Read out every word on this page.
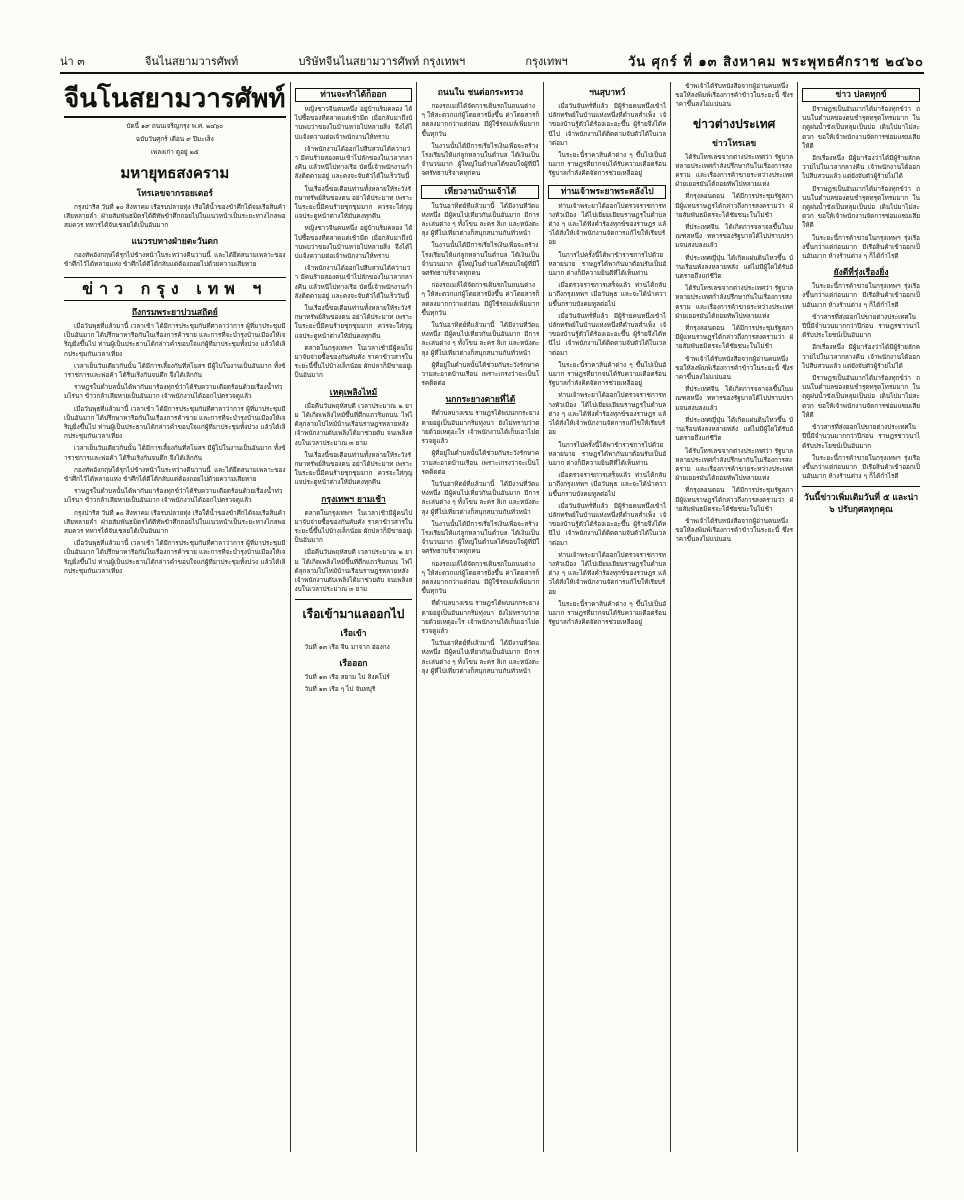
น่า ๓	จีนไนสยามวารศัพท์	บริษัทจีนไนสยามวารศัพท์ กรุงเทพฯ	กรุงเทพฯ	วัน ศุกร์ ที่ ๑๓ สิงหาคม พระพุทธศักราช ๒๔๖๐
จีนโนสยามวารศัพท์
บัดนี้ ๑๙ ถนนเจริญกรุง พ.ศ. ๒๔๖๐
ฉบับวันศุกร์ เดือน ๙ ปีมะเส็ง
เพลงเก่า ดูอยู่ ๒๕
มหายุทธสงคราม
โทรเลขจากรอยเตอร์

กรุงปารีส วันที่ ๑๐ สิงหาคม เรือรบปลายทุ่ง เรือใต้น้ำของข้าศึกได้จมเรือสินค้าเสียหลายลำ ฝ่ายสัมพันธมิตรได้ตีทัพข้าศึกถอยไปในแนวหน้าเป็นระยะทางไกลพอสมควร ทหารได้จับเชลยได้เป็นอันมาก

แนวรบทางฝ่ายตะวันตก

กองทัพอังกฤษได้รุกไปข้างหน้าในระหว่างคืนวานนี้ และได้ยึดสนามเพลาะของข้าศึกไว้ได้หลายแห่ง ข้าศึกได้ตีโต้กลับแต่ต้องถอยไปด้วยความเสียหาย

ข่าว กรุง เทพ ฯ
ถึงกรมพระยาปวนสถิตย์

เมื่อวันพุธที่แล้วมานี้ เวลาเช้า ได้มีการประชุมกันที่ศาลาว่าการ ผู้ที่มาประชุมมีเป็นอันมาก ได้ปรึกษาหารือกันในเรื่องการค้าขาย และการที่จะบำรุงบ้านเมืองให้เจริญยิ่งขึ้นไป ท่านผู้เป็นประธานได้กล่าวคำขอบใจแก่ผู้ที่มาประชุมทั้งปวง แล้วได้เลิกประชุมกันเวลาเที่ยง

เวลาเย็นวันเดียวกันนั้น ได้มีการเลี้ยงกันที่สโมสร มีผู้ไปในงานเป็นอันมาก ทั้งข้าราชการและพ่อค้า ได้รื่นเริงกันจนดึก จึงได้เลิกกัน

ราษฎรในตำบลนั้นได้พากันมาร้องทุกข์ว่าได้รับความเดือดร้อนด้วยเรื่องน้ำท่วมไร่นา ข้าวกล้าเสียหายเป็นอันมาก เจ้าพนักงานได้ออกไปตรวจดูแล้ว

เมื่อวันพุธที่แล้วมานี้ เวลาเช้า ได้มีการประชุมกันที่ศาลาว่าการ ผู้ที่มาประชุมมีเป็นอันมาก ได้ปรึกษาหารือกันในเรื่องการค้าขาย และการที่จะบำรุงบ้านเมืองให้เจริญยิ่งขึ้นไป ท่านผู้เป็นประธานได้กล่าวคำขอบใจแก่ผู้ที่มาประชุมทั้งปวง แล้วได้เลิกประชุมกันเวลาเที่ยง

เวลาเย็นวันเดียวกันนั้น ได้มีการเลี้ยงกันที่สโมสร มีผู้ไปในงานเป็นอันมาก ทั้งข้าราชการและพ่อค้า ได้รื่นเริงกันจนดึก จึงได้เลิกกัน

กองทัพอังกฤษได้รุกไปข้างหน้าในระหว่างคืนวานนี้ และได้ยึดสนามเพลาะของข้าศึกไว้ได้หลายแห่ง ข้าศึกได้ตีโต้กลับแต่ต้องถอยไปด้วยความเสียหาย

ราษฎรในตำบลนั้นได้พากันมาร้องทุกข์ว่าได้รับความเดือดร้อนด้วยเรื่องน้ำท่วมไร่นา ข้าวกล้าเสียหายเป็นอันมาก เจ้าพนักงานได้ออกไปตรวจดูแล้ว

กรุงปารีส วันที่ ๑๐ สิงหาคม เรือรบปลายทุ่ง เรือใต้น้ำของข้าศึกได้จมเรือสินค้าเสียหลายลำ ฝ่ายสัมพันธมิตรได้ตีทัพข้าศึกถอยไปในแนวหน้าเป็นระยะทางไกลพอสมควร ทหารได้จับเชลยได้เป็นอันมาก

เมื่อวันพุธที่แล้วมานี้ เวลาเช้า ได้มีการประชุมกันที่ศาลาว่าการ ผู้ที่มาประชุมมีเป็นอันมาก ได้ปรึกษาหารือกันในเรื่องการค้าขาย และการที่จะบำรุงบ้านเมืองให้เจริญยิ่งขึ้นไป ท่านผู้เป็นประธานได้กล่าวคำขอบใจแก่ผู้ที่มาประชุมทั้งปวง แล้วได้เลิกประชุมกันเวลาเที่ยง

ท่านจะทำได้ก็ออก

หญิงชาวจีนคนหนึ่ง อยู่บ้านริมคลอง ได้ไปซื้อของที่ตลาดแต่เช้ามืด เมื่อกลับมาถึงบ้านพบว่าของในบ้านหายไปหลายสิ่ง จึงได้ไปแจ้งความต่อเจ้าพนักงานให้ทราบ

เจ้าพนักงานได้ออกไปสืบสวนได้ความว่า มีคนร้ายสองคนเข้าไปลักของในเวลากลางคืน แล้วหนีไปทางเรือ บัดนี้เจ้าพนักงานกำลังติดตามอยู่ และคงจะจับตัวได้ในเร็ววันนี้

ในเรื่องนี้ขอเตือนท่านทั้งหลายให้ระวังรักษาทรัพย์สินของตน อย่าได้ประมาท เพราะในระยะนี้มีคนร้ายชุกชุมมาก ควรจะใส่กุญแจประตูหน้าต่างให้มั่นคงทุกคืน

หญิงชาวจีนคนหนึ่ง อยู่บ้านริมคลอง ได้ไปซื้อของที่ตลาดแต่เช้ามืด เมื่อกลับมาถึงบ้านพบว่าของในบ้านหายไปหลายสิ่ง จึงได้ไปแจ้งความต่อเจ้าพนักงานให้ทราบ

เจ้าพนักงานได้ออกไปสืบสวนได้ความว่า มีคนร้ายสองคนเข้าไปลักของในเวลากลางคืน แล้วหนีไปทางเรือ บัดนี้เจ้าพนักงานกำลังติดตามอยู่ และคงจะจับตัวได้ในเร็ววันนี้

ในเรื่องนี้ขอเตือนท่านทั้งหลายให้ระวังรักษาทรัพย์สินของตน อย่าได้ประมาท เพราะในระยะนี้มีคนร้ายชุกชุมมาก ควรจะใส่กุญแจประตูหน้าต่างให้มั่นคงทุกคืน

ตลาดในกรุงเทพฯ ในเวลาเช้ามีผู้คนไปมาจับจ่ายซื้อของกันคับคั่ง ราคาข้าวสารในระยะนี้ขึ้นไปบ้างเล็กน้อย ผักปลาก็มีขายอยู่เป็นอันมาก

เหตุเพลิงไหม้

เมื่อคืนวันพฤหัสบดี เวลาประมาณ ๒ ยาม ได้เกิดเพลิงไหม้ขึ้นที่ตึกแถวริมถนน ไฟได้ลุกลามไปไหม้บ้านเรือนราษฎรหลายหลัง เจ้าพนักงานดับเพลิงได้มาช่วยดับ จนเพลิงสงบในเวลาประมาณ ๓ ยาม

ในเรื่องนี้ขอเตือนท่านทั้งหลายให้ระวังรักษาทรัพย์สินของตน อย่าได้ประมาท เพราะในระยะนี้มีคนร้ายชุกชุมมาก ควรจะใส่กุญแจประตูหน้าต่างให้มั่นคงทุกคืน

กรุงเทพฯ ยามเช้า

ตลาดในกรุงเทพฯ ในเวลาเช้ามีผู้คนไปมาจับจ่ายซื้อของกันคับคั่ง ราคาข้าวสารในระยะนี้ขึ้นไปบ้างเล็กน้อย ผักปลาก็มีขายอยู่เป็นอันมาก

เมื่อคืนวันพฤหัสบดี เวลาประมาณ ๒ ยาม ได้เกิดเพลิงไหม้ขึ้นที่ตึกแถวริมถนน ไฟได้ลุกลามไปไหม้บ้านเรือนราษฎรหลายหลัง เจ้าพนักงานดับเพลิงได้มาช่วยดับ จนเพลิงสงบในเวลาประมาณ ๓ ยาม

เรือเข้ามาแลออกไป
เรือเข้า

วันที่ ๑๓ เรือ จีน มาจาก ฮ่องกง

เรือออก

วันที่ ๑๓ เรือ สยาม ไป สิงคโปร์

วันที่ ๑๓ เรือ ๆ ไป จันทบุรี

ถนนใน ชนต่อกระทรวง

กองรถเมล์ได้จัดการเดินรถในถนนต่าง ๆ ให้สะดวกแก่ผู้โดยสารยิ่งขึ้น ค่าโดยสารก็ลดลงมากกว่าแต่ก่อน มีผู้ใช้รถเมล์เพิ่มมากขึ้นทุกวัน

ในงานนั้นได้มีการเรี่ยไรเงินเพื่อจะสร้างโรงเรียนให้แก่ลูกหลานในตำบล ได้เงินเป็นจำนวนมาก ผู้ใหญ่ในตำบลได้ขอบใจผู้ที่มีใจศรัทธาบริจาคทุกคน

เที่ยวงานบ้านเจ้าได้

ในวันอาทิตย์ที่แล้วมานี้ ได้มีงานที่วัดแห่งหนึ่ง มีผู้คนไปเที่ยวกันเป็นอันมาก มีการละเล่นต่าง ๆ ทั้งโขน ละคร ลิเก และหนังตะลุง ผู้ที่ไปเที่ยวต่างก็สนุกสนานกันทั่วหน้า

ในงานนั้นได้มีการเรี่ยไรเงินเพื่อจะสร้างโรงเรียนให้แก่ลูกหลานในตำบล ได้เงินเป็นจำนวนมาก ผู้ใหญ่ในตำบลได้ขอบใจผู้ที่มีใจศรัทธาบริจาคทุกคน

กองรถเมล์ได้จัดการเดินรถในถนนต่าง ๆ ให้สะดวกแก่ผู้โดยสารยิ่งขึ้น ค่าโดยสารก็ลดลงมากกว่าแต่ก่อน มีผู้ใช้รถเมล์เพิ่มมากขึ้นทุกวัน

ในวันอาทิตย์ที่แล้วมานี้ ได้มีงานที่วัดแห่งหนึ่ง มีผู้คนไปเที่ยวกันเป็นอันมาก มีการละเล่นต่าง ๆ ทั้งโขน ละคร ลิเก และหนังตะลุง ผู้ที่ไปเที่ยวต่างก็สนุกสนานกันทั่วหน้า

ผู้ที่อยู่ในตำบลนั้นได้ช่วยกันระวังรักษาความสะอาดบ้านเรือน เพราะเกรงว่าจะเป็นโรคติดต่อ

นกกระยางตายที่ได้

ที่ตำบลบางเขน ราษฎรได้พบนกกระยางตายอยู่เป็นอันมากริมทุ่งนา ยังไม่ทราบว่าตายด้วยเหตุอะไร เจ้าพนักงานได้เก็บเอาไปตรวจดูแล้ว

ผู้ที่อยู่ในตำบลนั้นได้ช่วยกันระวังรักษาความสะอาดบ้านเรือน เพราะเกรงว่าจะเป็นโรคติดต่อ

ในวันอาทิตย์ที่แล้วมานี้ ได้มีงานที่วัดแห่งหนึ่ง มีผู้คนไปเที่ยวกันเป็นอันมาก มีการละเล่นต่าง ๆ ทั้งโขน ละคร ลิเก และหนังตะลุง ผู้ที่ไปเที่ยวต่างก็สนุกสนานกันทั่วหน้า

ในงานนั้นได้มีการเรี่ยไรเงินเพื่อจะสร้างโรงเรียนให้แก่ลูกหลานในตำบล ได้เงินเป็นจำนวนมาก ผู้ใหญ่ในตำบลได้ขอบใจผู้ที่มีใจศรัทธาบริจาคทุกคน

กองรถเมล์ได้จัดการเดินรถในถนนต่าง ๆ ให้สะดวกแก่ผู้โดยสารยิ่งขึ้น ค่าโดยสารก็ลดลงมากกว่าแต่ก่อน มีผู้ใช้รถเมล์เพิ่มมากขึ้นทุกวัน

ที่ตำบลบางเขน ราษฎรได้พบนกกระยางตายอยู่เป็นอันมากริมทุ่งนา ยังไม่ทราบว่าตายด้วยเหตุอะไร เจ้าพนักงานได้เก็บเอาไปตรวจดูแล้ว

ในวันอาทิตย์ที่แล้วมานี้ ได้มีงานที่วัดแห่งหนึ่ง มีผู้คนไปเที่ยวกันเป็นอันมาก มีการละเล่นต่าง ๆ ทั้งโขน ละคร ลิเก และหนังตะลุง ผู้ที่ไปเที่ยวต่างก็สนุกสนานกันทั่วหน้า

ฯนสุบาทว์

เมื่อวันจันทร์ที่แล้ว มีผู้ร้ายคนหนึ่งเข้าไปลักทรัพย์ในบ้านแห่งหนึ่งที่ตำบลสำเพ็ง เจ้าของบ้านรู้ตัวได้ร้องเอะอะขึ้น ผู้ร้ายจึงได้หนีไป เจ้าพนักงานได้ติดตามจับตัวได้ในเวลาต่อมา

ในระยะนี้ราคาสินค้าต่าง ๆ ขึ้นไปเป็นอันมาก ราษฎรที่ยากจนได้รับความเดือดร้อน รัฐบาลกำลังคิดจัดการช่วยเหลืออยู่

ท่านเจ้าพระยาพระคลังไป

ท่านเจ้าพระยาได้ออกไปตรวจราชการทางหัวเมือง ได้ไปเยี่ยมเยียนราษฎรในตำบลต่าง ๆ และได้ฟังคำร้องทุกข์ของราษฎร แล้วได้สั่งให้เจ้าพนักงานจัดการแก้ไขให้เรียบร้อย

ในการไปครั้งนี้ได้พาข้าราชการไปด้วยหลายนาย ราษฎรได้พากันมาต้อนรับเป็นอันมาก ต่างก็มีความยินดีที่ได้เห็นท่าน

เมื่อตรวจราชการเสร็จแล้ว ท่านได้กลับมาถึงกรุงเทพฯ เมื่อวันพุธ และจะได้นำความขึ้นกราบบังคมทูลต่อไป

เมื่อวันจันทร์ที่แล้ว มีผู้ร้ายคนหนึ่งเข้าไปลักทรัพย์ในบ้านแห่งหนึ่งที่ตำบลสำเพ็ง เจ้าของบ้านรู้ตัวได้ร้องเอะอะขึ้น ผู้ร้ายจึงได้หนีไป เจ้าพนักงานได้ติดตามจับตัวได้ในเวลาต่อมา

ในระยะนี้ราคาสินค้าต่าง ๆ ขึ้นไปเป็นอันมาก ราษฎรที่ยากจนได้รับความเดือดร้อน รัฐบาลกำลังคิดจัดการช่วยเหลืออยู่

ท่านเจ้าพระยาได้ออกไปตรวจราชการทางหัวเมือง ได้ไปเยี่ยมเยียนราษฎรในตำบลต่าง ๆ และได้ฟังคำร้องทุกข์ของราษฎร แล้วได้สั่งให้เจ้าพนักงานจัดการแก้ไขให้เรียบร้อย

ในการไปครั้งนี้ได้พาข้าราชการไปด้วยหลายนาย ราษฎรได้พากันมาต้อนรับเป็นอันมาก ต่างก็มีความยินดีที่ได้เห็นท่าน

เมื่อตรวจราชการเสร็จแล้ว ท่านได้กลับมาถึงกรุงเทพฯ เมื่อวันพุธ และจะได้นำความขึ้นกราบบังคมทูลต่อไป

เมื่อวันจันทร์ที่แล้ว มีผู้ร้ายคนหนึ่งเข้าไปลักทรัพย์ในบ้านแห่งหนึ่งที่ตำบลสำเพ็ง เจ้าของบ้านรู้ตัวได้ร้องเอะอะขึ้น ผู้ร้ายจึงได้หนีไป เจ้าพนักงานได้ติดตามจับตัวได้ในเวลาต่อมา

ท่านเจ้าพระยาได้ออกไปตรวจราชการทางหัวเมือง ได้ไปเยี่ยมเยียนราษฎรในตำบลต่าง ๆ และได้ฟังคำร้องทุกข์ของราษฎร แล้วได้สั่งให้เจ้าพนักงานจัดการแก้ไขให้เรียบร้อย

ในระยะนี้ราคาสินค้าต่าง ๆ ขึ้นไปเป็นอันมาก ราษฎรที่ยากจนได้รับความเดือดร้อน รัฐบาลกำลังคิดจัดการช่วยเหลืออยู่

ข้าพเจ้าได้รับหนังสือจากผู้อ่านคนหนึ่ง ขอให้ลงพิมพ์เรื่องการค้าข้าวในระยะนี้ ซึ่งราคาขึ้นลงไม่แน่นอน

ข่าวต่างประเทศ
ข่าวโทรเลข

ได้รับโทรเลขจากต่างประเทศว่า รัฐบาลหลายประเทศกำลังปรึกษากันในเรื่องการสงคราม และเรื่องการค้าขายระหว่างประเทศ ฝ่ายเยอรมันได้ถอยทัพไปหลายแห่ง

ที่กรุงลอนดอน ได้มีการประชุมรัฐสภา มีผู้แทนราษฎรได้กล่าวถึงการสงครามว่า ฝ่ายสัมพันธมิตรจะได้ชัยชนะในไม่ช้า

ที่ประเทศจีน ได้เกิดการจลาจลขึ้นในมณฑลหนึ่ง ทหารของรัฐบาลได้ไปปราบปรามจนสงบลงแล้ว

ที่ประเทศญี่ปุ่น ได้เกิดแผ่นดินไหวขึ้น บ้านเรือนพังลงหลายหลัง แต่ไม่มีผู้ใดได้รับอันตรายถึงแก่ชีวิต

ได้รับโทรเลขจากต่างประเทศว่า รัฐบาลหลายประเทศกำลังปรึกษากันในเรื่องการสงคราม และเรื่องการค้าขายระหว่างประเทศ ฝ่ายเยอรมันได้ถอยทัพไปหลายแห่ง

ที่กรุงลอนดอน ได้มีการประชุมรัฐสภา มีผู้แทนราษฎรได้กล่าวถึงการสงครามว่า ฝ่ายสัมพันธมิตรจะได้ชัยชนะในไม่ช้า

ข้าพเจ้าได้รับหนังสือจากผู้อ่านคนหนึ่ง ขอให้ลงพิมพ์เรื่องการค้าข้าวในระยะนี้ ซึ่งราคาขึ้นลงไม่แน่นอน

ที่ประเทศจีน ได้เกิดการจลาจลขึ้นในมณฑลหนึ่ง ทหารของรัฐบาลได้ไปปราบปรามจนสงบลงแล้ว

ที่ประเทศญี่ปุ่น ได้เกิดแผ่นดินไหวขึ้น บ้านเรือนพังลงหลายหลัง แต่ไม่มีผู้ใดได้รับอันตรายถึงแก่ชีวิต

ได้รับโทรเลขจากต่างประเทศว่า รัฐบาลหลายประเทศกำลังปรึกษากันในเรื่องการสงคราม และเรื่องการค้าขายระหว่างประเทศ ฝ่ายเยอรมันได้ถอยทัพไปหลายแห่ง

ที่กรุงลอนดอน ได้มีการประชุมรัฐสภา มีผู้แทนราษฎรได้กล่าวถึงการสงครามว่า ฝ่ายสัมพันธมิตรจะได้ชัยชนะในไม่ช้า

ข้าพเจ้าได้รับหนังสือจากผู้อ่านคนหนึ่ง ขอให้ลงพิมพ์เรื่องการค้าข้าวในระยะนี้ ซึ่งราคาขึ้นลงไม่แน่นอน

ข่าว ปลดทุกข์

มีราษฎรเป็นอันมากได้มาร้องทุกข์ว่า ถนนในตำบลของตนชำรุดทรุดโทรมมาก ในฤดูฝนน้ำขังเป็นหลุมเป็นบ่อ เดินไปมาไม่สะดวก ขอให้เจ้าพนักงานจัดการซ่อมแซมเสียให้ดี

อีกเรื่องหนึ่ง มีผู้มาร้องว่าได้มีผู้ร้ายลักควายไปในเวลากลางคืน เจ้าพนักงานได้ออกไปสืบสวนแล้ว แต่ยังจับตัวผู้ร้ายไม่ได้

มีราษฎรเป็นอันมากได้มาร้องทุกข์ว่า ถนนในตำบลของตนชำรุดทรุดโทรมมาก ในฤดูฝนน้ำขังเป็นหลุมเป็นบ่อ เดินไปมาไม่สะดวก ขอให้เจ้าพนักงานจัดการซ่อมแซมเสียให้ดี

ในระยะนี้การค้าขายในกรุงเทพฯ รุ่งเรืองขึ้นกว่าแต่ก่อนมาก มีเรือสินค้าเข้าออกเป็นอันมาก ห้างร้านต่าง ๆ ก็ได้กำไรดี

ยังดีที่รุ่งเรืองยิ่ง

ในระยะนี้การค้าขายในกรุงเทพฯ รุ่งเรืองขึ้นกว่าแต่ก่อนมาก มีเรือสินค้าเข้าออกเป็นอันมาก ห้างร้านต่าง ๆ ก็ได้กำไรดี

ข้าวสารที่ส่งออกไปขายต่างประเทศในปีนี้มีจำนวนมากกว่าปีก่อน ราษฎรชาวนาได้รับประโยชน์เป็นอันมาก

อีกเรื่องหนึ่ง มีผู้มาร้องว่าได้มีผู้ร้ายลักควายไปในเวลากลางคืน เจ้าพนักงานได้ออกไปสืบสวนแล้ว แต่ยังจับตัวผู้ร้ายไม่ได้

มีราษฎรเป็นอันมากได้มาร้องทุกข์ว่า ถนนในตำบลของตนชำรุดทรุดโทรมมาก ในฤดูฝนน้ำขังเป็นหลุมเป็นบ่อ เดินไปมาไม่สะดวก ขอให้เจ้าพนักงานจัดการซ่อมแซมเสียให้ดี

ข้าวสารที่ส่งออกไปขายต่างประเทศในปีนี้มีจำนวนมากกว่าปีก่อน ราษฎรชาวนาได้รับประโยชน์เป็นอันมาก

ในระยะนี้การค้าขายในกรุงเทพฯ รุ่งเรืองขึ้นกว่าแต่ก่อนมาก มีเรือสินค้าเข้าออกเป็นอันมาก ห้างร้านต่าง ๆ ก็ได้กำไรดี

วันนี้ข่าวเพิ่มเติมวันที่ ๕ และน่า ๖ ปรับกุศลทุกคุณ
